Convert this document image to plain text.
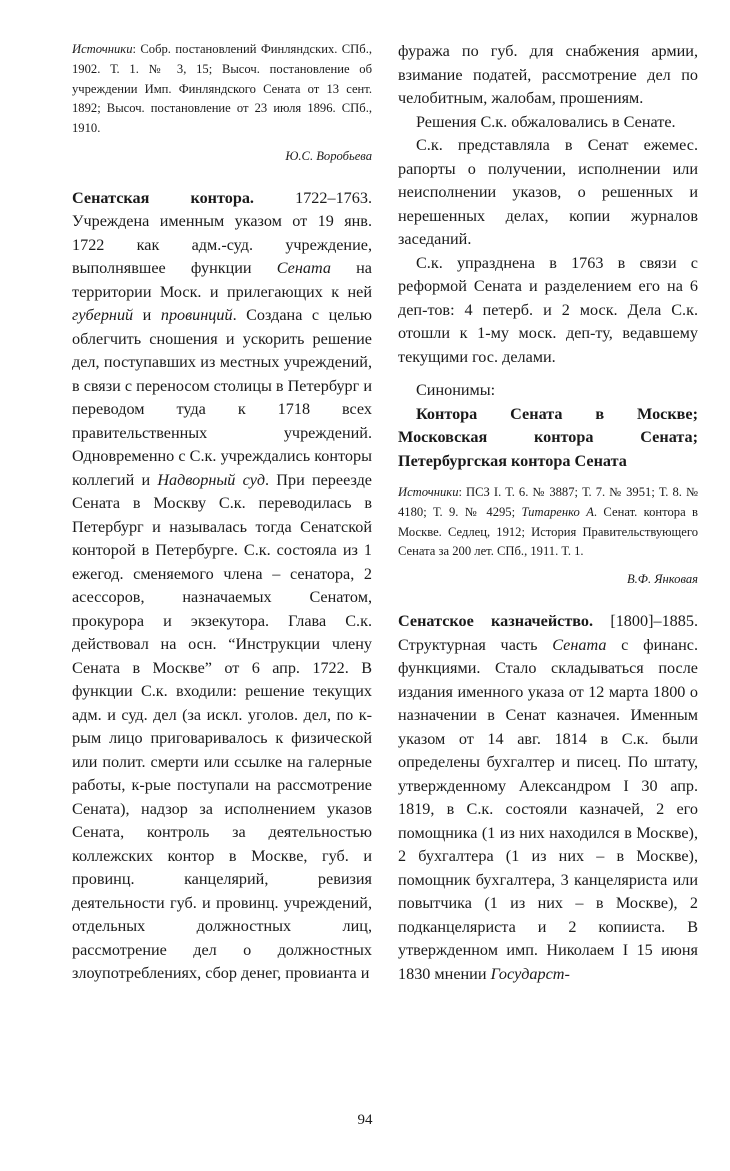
Источники: Собр. постановлений Финляндских. СПб., 1902. Т. 1. № 3, 15; Высоч. постановление об учреждении Имп. Финляндского Сената от 13 сент. 1892; Высоч. постановление от 23 июля 1896. СПб., 1910.

Ю.С. Воробьева

Сенатская контора. 1722–1763. Учреждена именным указом от 19 янв. 1722 как адм.-суд. учреждение, выполнявшее функции Сената на территории Моск. и прилегающих к ней губерний и провинций. Создана с целью облегчить сношения и ускорить решение дел, поступавших из местных учреждений, в связи с переносом столицы в Петербург и переводом туда к 1718 всех правительственных учреждений. Одновременно с С.к. учреждались конторы коллегий и Надворный суд. При переезде Сената в Москву С.к. переводилась в Петербург и называлась тогда Сенатской конторой в Петербурге. С.к. состояла из 1 ежегод. сменяемого члена – сенатора, 2 асессоров, назначаемых Сенатом, прокурора и экзекутора. Глава С.к. действовал на осн. “Инструкции члену Сената в Москве” от 6 апр. 1722. В функции С.к. входили: решение текущих адм. и суд. дел (за искл. уголов. дел, по к-рым лицо приговаривалось к физической или полит. смерти или ссылке на галерные работы, к-рые поступали на рассмотрение Сената), надзор за исполнением указов Сената, контроль за деятельностью коллежских контор в Москве, губ. и провинц. канцелярий, ревизия деятельности губ. и провинц. учреждений, отдельных должностных лиц, рассмотрение дел о должностных злоупотреблениях, сбор денег, провианта и

фуража по губ. для снабжения армии, взимание податей, рассмотрение дел по челобитным, жалобам, прошениям.

Решения С.к. обжаловались в Сенате.

С.к. представляла в Сенат ежемес. рапорты о получении, исполнении или неисполнении указов, о решенных и нерешенных делах, копии журналов заседаний.

С.к. упразднена в 1763 в связи с реформой Сената и разделением его на 6 деп-тов: 4 петерб. и 2 моск. Дела С.к. отошли к 1-му моск. деп-ту, ведавшему текущими гос. делами.

Синонимы:

Контора Сената в Москве; Московская контора Сената; Петербургская контора Сената

Источники: ПСЗ I. Т. 6. № 3887; Т. 7. № 3951; Т. 8. № 4180; Т. 9. № 4295; Титаренко А. Сенат. контора в Москве. Седлец, 1912; История Правительствующего Сената за 200 лет. СПб., 1911. Т. 1.

В.Ф. Янковая

Сенатское казначейство. [1800]–1885. Структурная часть Сената с финанс. функциями. Стало складываться после издания именного указа от 12 марта 1800 о назначении в Сенат казначея. Именным указом от 14 авг. 1814 в С.к. были определены бухгалтер и писец. По штату, утвержденному Александром I 30 апр. 1819, в С.к. состояли казначей, 2 его помощника (1 из них находился в Москве), 2 бухгалтера (1 из них – в Москве), помощник бухгалтера, 3 канцеляриста или повытчика (1 из них – в Москве), 2 подканцеляриста и 2 копииста. В утвержденном имп. Николаем I 15 июня 1830 мнении Государст-

94
